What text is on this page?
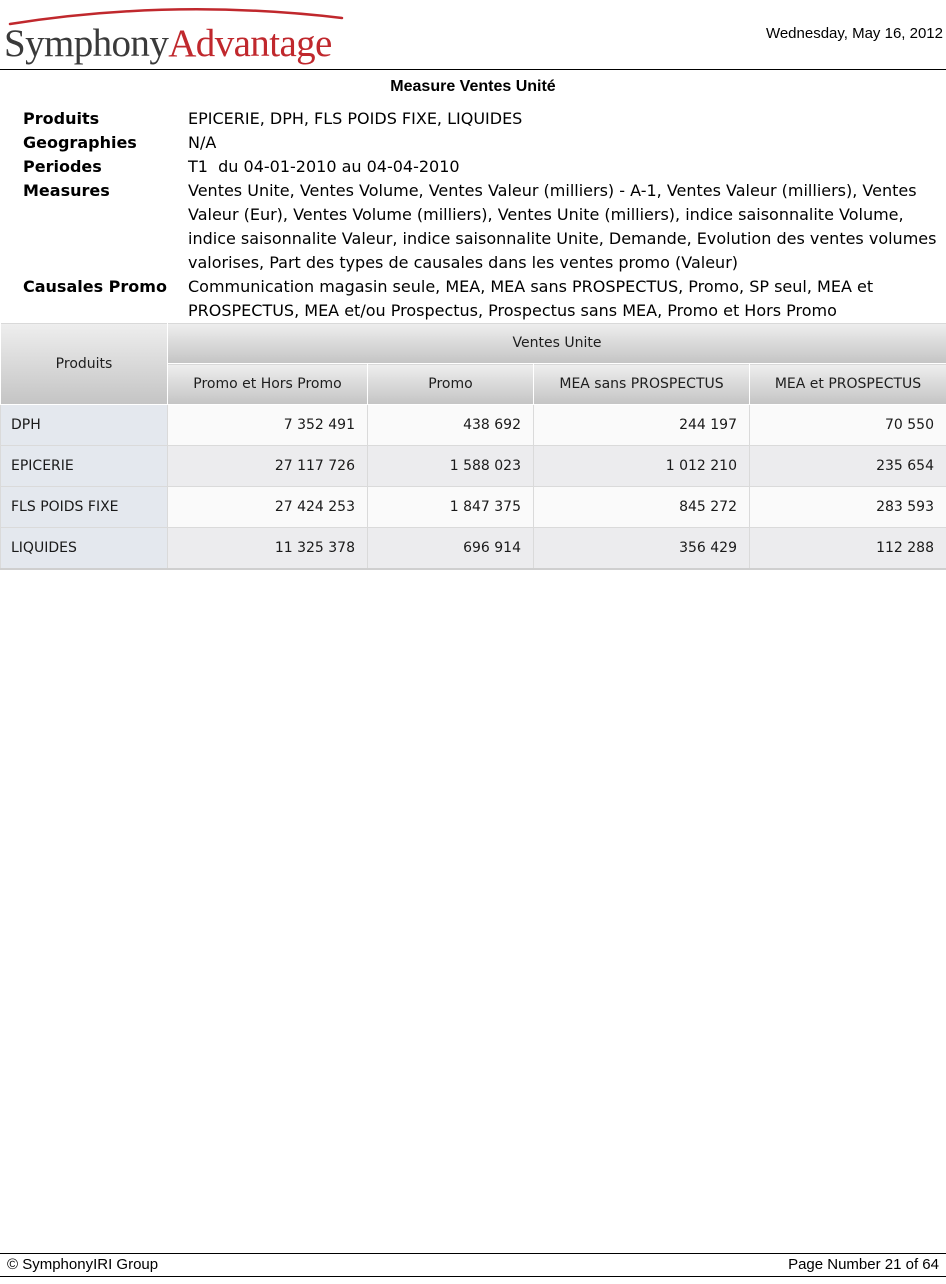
SymphonyAdvantage	Wednesday, May 16, 2012
Measure Ventes Unité
Produits	EPICERIE, DPH, FLS POIDS FIXE, LIQUIDES
Geographies	N/A
Periodes	T1  du 04-01-2010 au 04-04-2010
Measures	Ventes Unite, Ventes Volume, Ventes Valeur (milliers) - A-1, Ventes Valeur (milliers), Ventes Valeur (Eur), Ventes Volume (milliers), Ventes Unite (milliers), indice saisonnalite Volume, indice saisonnalite Valeur, indice saisonnalite Unite, Demande, Evolution des ventes volumes valorises, Part des types de causales dans les ventes promo (Valeur)
Causales Promo	Communication magasin seule, MEA, MEA sans PROSPECTUS, Promo, SP seul, MEA et PROSPECTUS, MEA et/ou Prospectus, Prospectus sans MEA, Promo et Hors Promo
Produits	Ventes Unite			
	Promo et Hors Promo	Promo	MEA sans PROSPECTUS	MEA et PROSPECTUS
DPH	7 352 491	438 692	244 197	70 550
EPICERIE	27 117 726	1 588 023	1 012 210	235 654
FLS POIDS FIXE	27 424 253	1 847 375	845 272	283 593
LIQUIDES	11 325 378	696 914	356 429	112 288
© SymphonyIRI Group	Page Number 21 of 64
